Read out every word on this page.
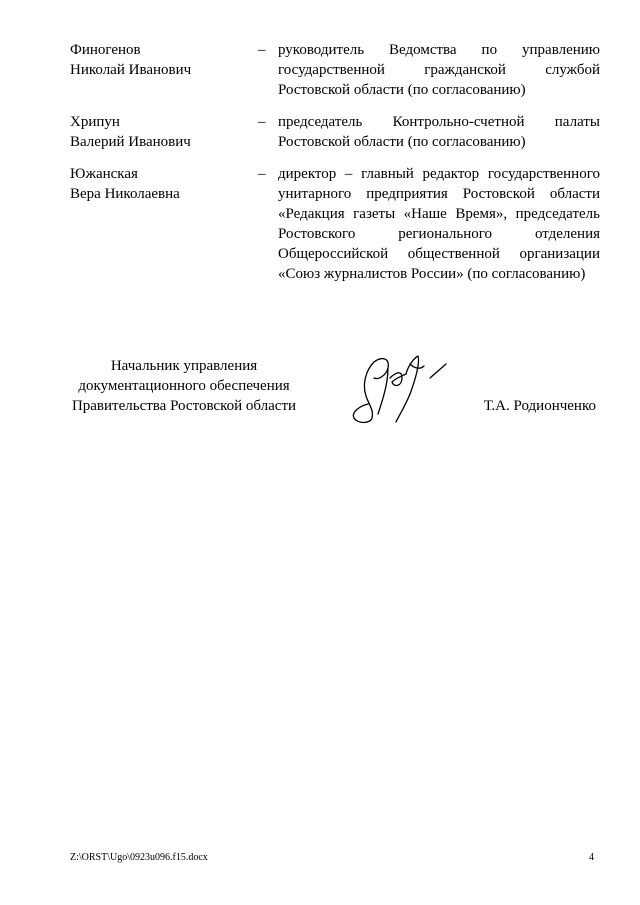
Финогенов
Николай Иванович
– руководитель Ведомства по управлению
государственной гражданской службой
Ростовской области (по согласованию)
Хрипун
Валерий Иванович
– председатель Контрольно-счетной палаты
Ростовской области (по согласованию)
Южанская
Вера Николаевна
– директор – главный редактор государственного
унитарного предприятия Ростовской области
«Редакция газеты «Наше Время», председатель
Ростовского регионального отделения
Общероссийской общественной организации
«Союз журналистов России» (по согласованию)
Начальник управления
документационного обеспечения
Правительства Ростовской области	Т.А. Родионченко
Z:\ORST\Ugo\0923u096.f15.docx	4
